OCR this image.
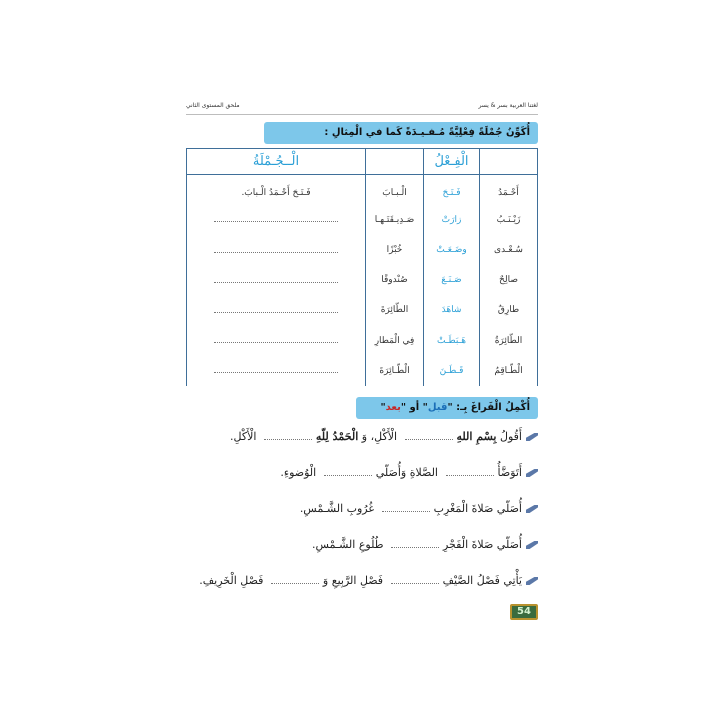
لغتنا العربية بسر & يسر
ملحق المستوى الثاني
أُكَوِّنُ جُمْلَةً فِعْلِيَّةً مُـفـيـدَةً كَما في الْمِثالِ :
	الْفِـعْلُ		الْــجُـمْلَةُ
أَحْـمَدُ	فَـتَـحَ	الْـبـابَ	فَـتَـحَ أَحْـمَدُ الْـبابَ.
زَيْـنَـبُ	زارَتْ	صَـدِيـقَتَـهـا	
سُـعْـدى	وضَـعَـتْ	خُبْزًا	
صالِحٌ	صَـنَـعَ	صُنْدوقًا	
طارِقٌ	شاهَدَ	الطّائِرَةَ	
الطّائِرَةُ	هَـبَطَـتْ	فِي الْمَطارِ	
الْطّـاقِمُ	قَـطَـنَ	الْطّـائِرَةَ	
أُكْمِلُ الْفَراغَ بِـ: "قبل" أو "بعد"
أَقُولُ بِسْمِ اللهِ الْأَكْلِ، وَ الْحَمْدُ لِلّهِ الْأَكْلِ.
أَتَوَضَّأُ الصَّلاةِ وَأُصَلّي الْوُضوءِ.
أُصَلّي صَلاةَ الْمَغْرِبِ غُرُوبِ الشَّـمْسِ.
أُصَلّي صَلاةَ الْفَجْرِ طُلُوعِ الشَّـمْسِ.
يَأْتِي فَصْلُ الصَّيْفِ فَصْلِ الرَّبِيعِ وَ فَصْلِ الْخَرِيفِ.
54
